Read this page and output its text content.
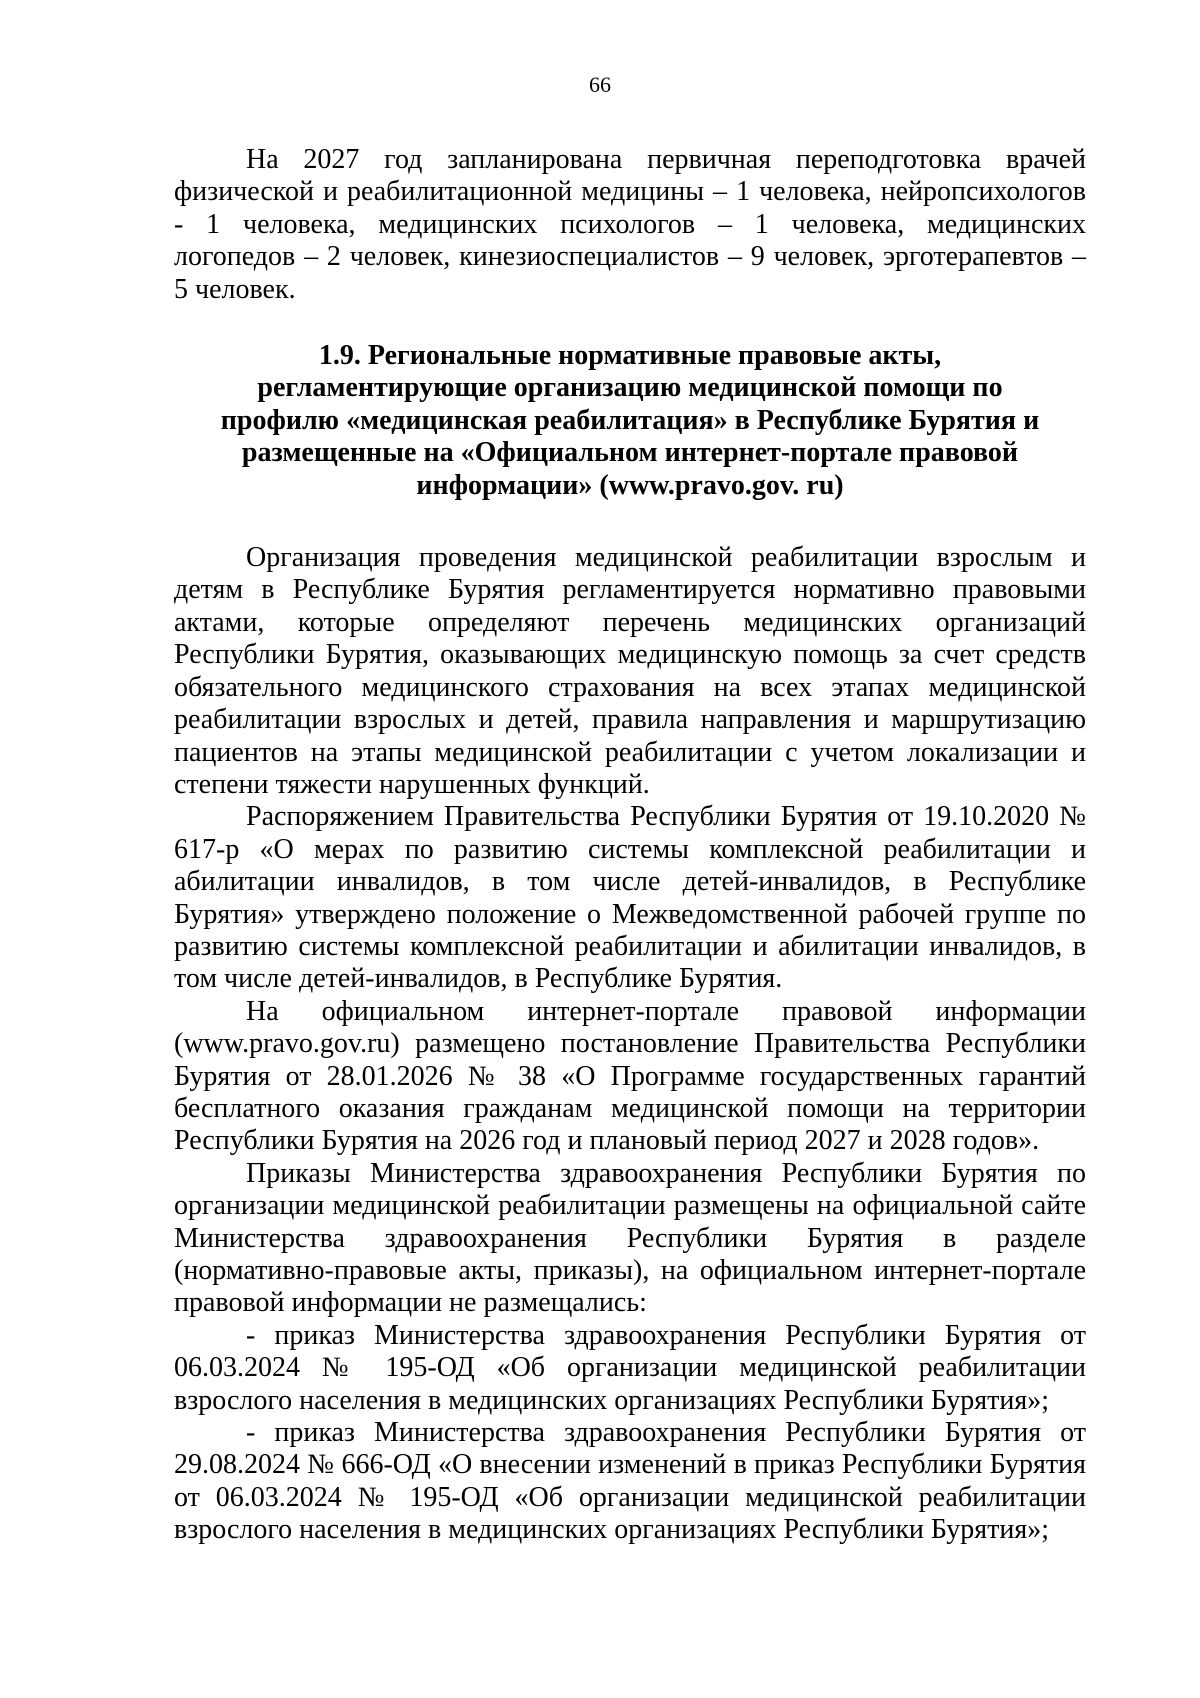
66

На 2027 год запланирована первичная переподготовка врачей физической и реабилитационной медицины – 1 человека, нейропсихологов - 1 человека, медицинских психологов – 1 человека, медицинских логопедов – 2 человек, кинезиоспециалистов – 9 человек, эрготерапевтов – 5 человек.

1.9. Региональные нормативные правовые акты,
регламентирующие организацию медицинской помощи по
профилю «медицинская реабилитация» в Республике Бурятия и
размещенные на «Официальном интернет-портале правовой
информации» (www.pravo.gov. ru)

Организация проведения медицинской реабилитации взрослым и детям в Республике Бурятия регламентируется нормативно правовыми актами, которые определяют перечень медицинских организаций Республики Бурятия, оказывающих медицинскую помощь за счет средств обязательного медицинского страхования на всех этапах медицинской реабилитации взрослых и детей, правила направления и маршрутизацию пациентов на этапы медицинской реабилитации с учетом локализации и степени тяжести нарушенных функций.

Распоряжением Правительства Республики Бурятия от 19.10.2020 № 617-р «О мерах по развитию системы комплексной реабилитации и абилитации инвалидов, в том числе детей-инвалидов, в Республике Бурятия» утверждено положение о Межведомственной рабочей группе по развитию системы комплексной реабилитации и абилитации инвалидов, в том числе детей-инвалидов, в Республике Бурятия.

На официальном интернет-портале правовой информации (www.pravo.gov.ru) размещено постановление Правительства Республики Бурятия от 28.01.2026 № 38 «О Программе государственных гарантий бесплатного оказания гражданам медицинской помощи на территории Республики Бурятия на 2026 год и плановый период 2027 и 2028 годов».

Приказы Министерства здравоохранения Республики Бурятия по организации медицинской реабилитации размещены на официальной сайте Министерства здравоохранения Республики Бурятия в разделе (нормативно-правовые акты, приказы), на официальном интернет-портале правовой информации не размещались:

- приказ Министерства здравоохранения Республики Бурятия от 06.03.2024 № 195-ОД «Об организации медицинской реабилитации взрослого населения в медицинских организациях Республики Бурятия»;

- приказ Министерства здравоохранения Республики Бурятия от 29.08.2024 № 666-ОД «О внесении изменений в приказ Республики Бурятия от 06.03.2024 № 195-ОД «Об организации медицинской реабилитации взрослого населения в медицинских организациях Республики Бурятия»;
